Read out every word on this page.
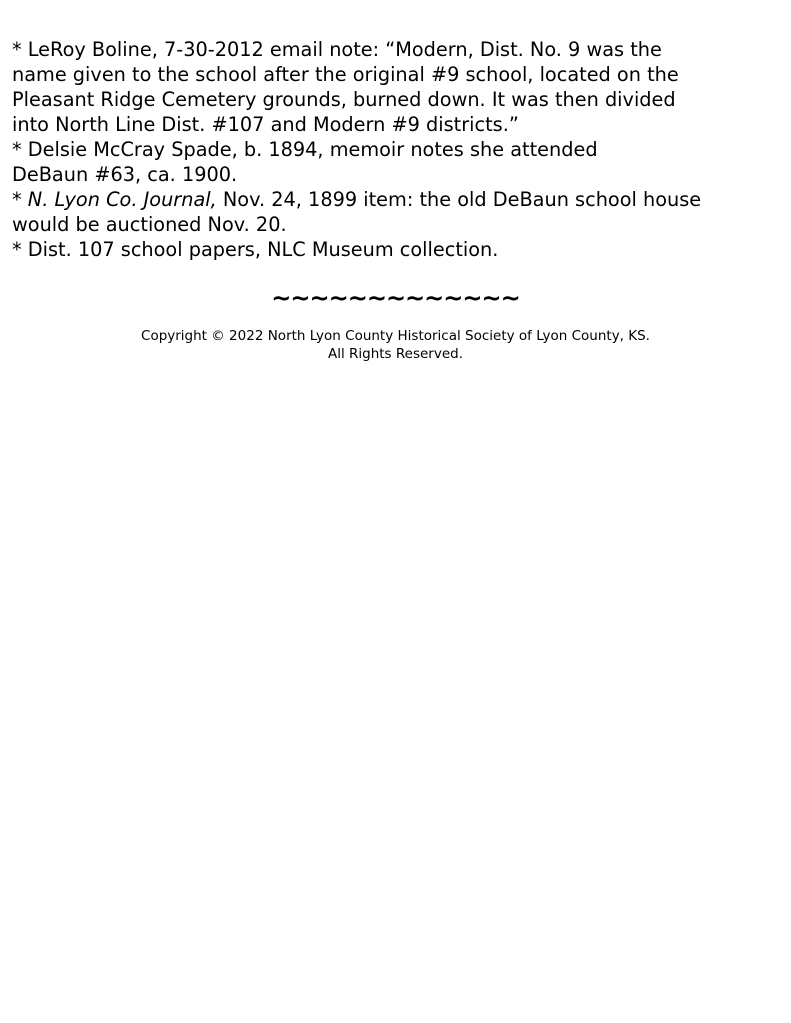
* LeRoy Boline, 7-30-2012 email note: “Modern, Dist. No. 9 was the
name given to the school after the original #9 school, located on the
Pleasant Ridge Cemetery grounds, burned down. It was then divided
into North Line Dist. #107 and Modern #9 districts.”
* Delsie McCray Spade, b. 1894, memoir notes she attended
DeBaun #63, ca. 1900.
* N. Lyon Co. Journal, Nov. 24, 1899 item: the old DeBaun school house
would be auctioned Nov. 20.
* Dist. 107 school papers, NLC Museum collection.
~~~~~~~~~~~~~
Copyright © 2022 North Lyon County Historical Society of Lyon County, KS.
All Rights Reserved.
